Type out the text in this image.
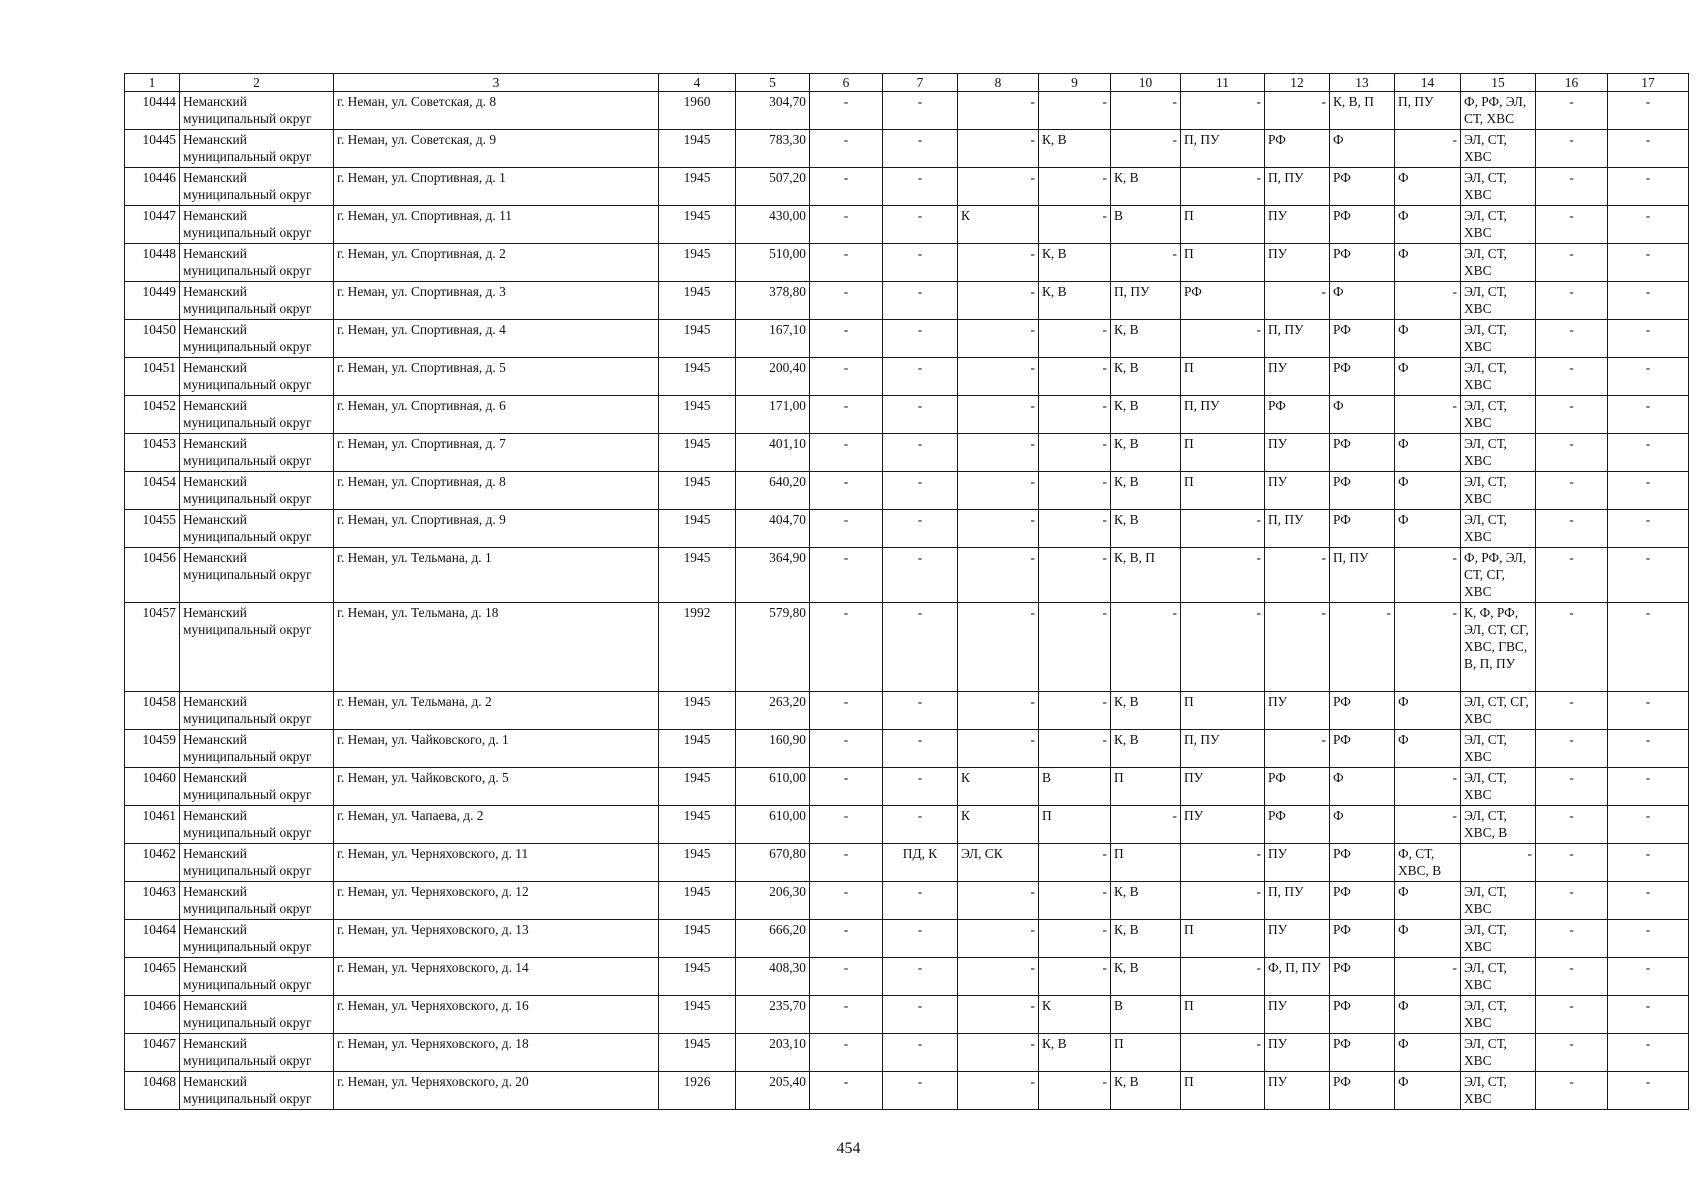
1	2	3	4	5	6	7	8	9	10	11	12	13	14	15	16	17
10444	Неманский муниципальный округ	г. Неман, ул. Советская, д. 8	1960	304,70	-	-	-	-	-	-	-	К, В, П	П, ПУ	Ф, РФ, ЭЛ, СТ, ХВС	-	-
10445	Неманский муниципальный округ	г. Неман, ул. Советская, д. 9	1945	783,30	-	-	-	К, В	-	П, ПУ	РФ	Ф	-	ЭЛ, СТ, ХВС	-	-
10446	Неманский муниципальный округ	г. Неман, ул. Спортивная, д. 1	1945	507,20	-	-	-	-	К, В	-	П, ПУ	РФ	Ф	ЭЛ, СТ, ХВС	-	-
10447	Неманский муниципальный округ	г. Неман, ул. Спортивная, д. 11	1945	430,00	-	-	К	-	В	П	ПУ	РФ	Ф	ЭЛ, СТ, ХВС	-	-
10448	Неманский муниципальный округ	г. Неман, ул. Спортивная, д. 2	1945	510,00	-	-	-	К, В	-	П	ПУ	РФ	Ф	ЭЛ, СТ, ХВС	-	-
10449	Неманский муниципальный округ	г. Неман, ул. Спортивная, д. 3	1945	378,80	-	-	-	К, В	П, ПУ	РФ	-	Ф	-	ЭЛ, СТ, ХВС	-	-
10450	Неманский муниципальный округ	г. Неман, ул. Спортивная, д. 4	1945	167,10	-	-	-	-	К, В	-	П, ПУ	РФ	Ф	ЭЛ, СТ, ХВС	-	-
10451	Неманский муниципальный округ	г. Неман, ул. Спортивная, д. 5	1945	200,40	-	-	-	-	К, В	П	ПУ	РФ	Ф	ЭЛ, СТ, ХВС	-	-
10452	Неманский муниципальный округ	г. Неман, ул. Спортивная, д. 6	1945	171,00	-	-	-	-	К, В	П, ПУ	РФ	Ф	-	ЭЛ, СТ, ХВС	-	-
10453	Неманский муниципальный округ	г. Неман, ул. Спортивная, д. 7	1945	401,10	-	-	-	-	К, В	П	ПУ	РФ	Ф	ЭЛ, СТ, ХВС	-	-
10454	Неманский муниципальный округ	г. Неман, ул. Спортивная, д. 8	1945	640,20	-	-	-	-	К, В	П	ПУ	РФ	Ф	ЭЛ, СТ, ХВС	-	-
10455	Неманский муниципальный округ	г. Неман, ул. Спортивная, д. 9	1945	404,70	-	-	-	-	К, В	-	П, ПУ	РФ	Ф	ЭЛ, СТ, ХВС	-	-
10456	Неманский муниципальный округ	г. Неман, ул. Тельмана, д. 1	1945	364,90	-	-	-	-	К, В, П	-	-	П, ПУ	-	Ф, РФ, ЭЛ, СТ, СГ, ХВС	-	-
10457	Неманский муниципальный округ	г. Неман, ул. Тельмана, д. 18	1992	579,80	-	-	-	-	-	-	-	-	-	К, Ф, РФ, ЭЛ, СТ, СГ, ХВС, ГВС, В, П, ПУ	-	-
10458	Неманский муниципальный округ	г. Неман, ул. Тельмана, д. 2	1945	263,20	-	-	-	-	К, В	П	ПУ	РФ	Ф	ЭЛ, СТ, СГ, ХВС	-	-
10459	Неманский муниципальный округ	г. Неман, ул. Чайковского, д. 1	1945	160,90	-	-	-	-	К, В	П, ПУ	-	РФ	Ф	ЭЛ, СТ, ХВС	-	-
10460	Неманский муниципальный округ	г. Неман, ул. Чайковского, д. 5	1945	610,00	-	-	К	В	П	ПУ	РФ	Ф	-	ЭЛ, СТ, ХВС	-	-
10461	Неманский муниципальный округ	г. Неман, ул. Чапаева, д. 2	1945	610,00	-	-	К	П	-	ПУ	РФ	Ф	-	ЭЛ, СТ, ХВС, В	-	-
10462	Неманский муниципальный округ	г. Неман, ул. Черняховского, д. 11	1945	670,80	-	ПД, К	ЭЛ, СК	-	П	-	ПУ	РФ	Ф, СТ, ХВС, В	-	-	-
10463	Неманский муниципальный округ	г. Неман, ул. Черняховского, д. 12	1945	206,30	-	-	-	-	К, В	-	П, ПУ	РФ	Ф	ЭЛ, СТ, ХВС	-	-
10464	Неманский муниципальный округ	г. Неман, ул. Черняховского, д. 13	1945	666,20	-	-	-	-	К, В	П	ПУ	РФ	Ф	ЭЛ, СТ, ХВС	-	-
10465	Неманский муниципальный округ	г. Неман, ул. Черняховского, д. 14	1945	408,30	-	-	-	-	К, В	-	Ф, П, ПУ	РФ	-	ЭЛ, СТ, ХВС	-	-
10466	Неманский муниципальный округ	г. Неман, ул. Черняховского, д. 16	1945	235,70	-	-	-	К	В	П	ПУ	РФ	Ф	ЭЛ, СТ, ХВС	-	-
10467	Неманский муниципальный округ	г. Неман, ул. Черняховского, д. 18	1945	203,10	-	-	-	К, В	П	-	ПУ	РФ	Ф	ЭЛ, СТ, ХВС	-	-
10468	Неманский муниципальный округ	г. Неман, ул. Черняховского, д. 20	1926	205,40	-	-	-	-	К, В	П	ПУ	РФ	Ф	ЭЛ, СТ, ХВС	-	-
454
